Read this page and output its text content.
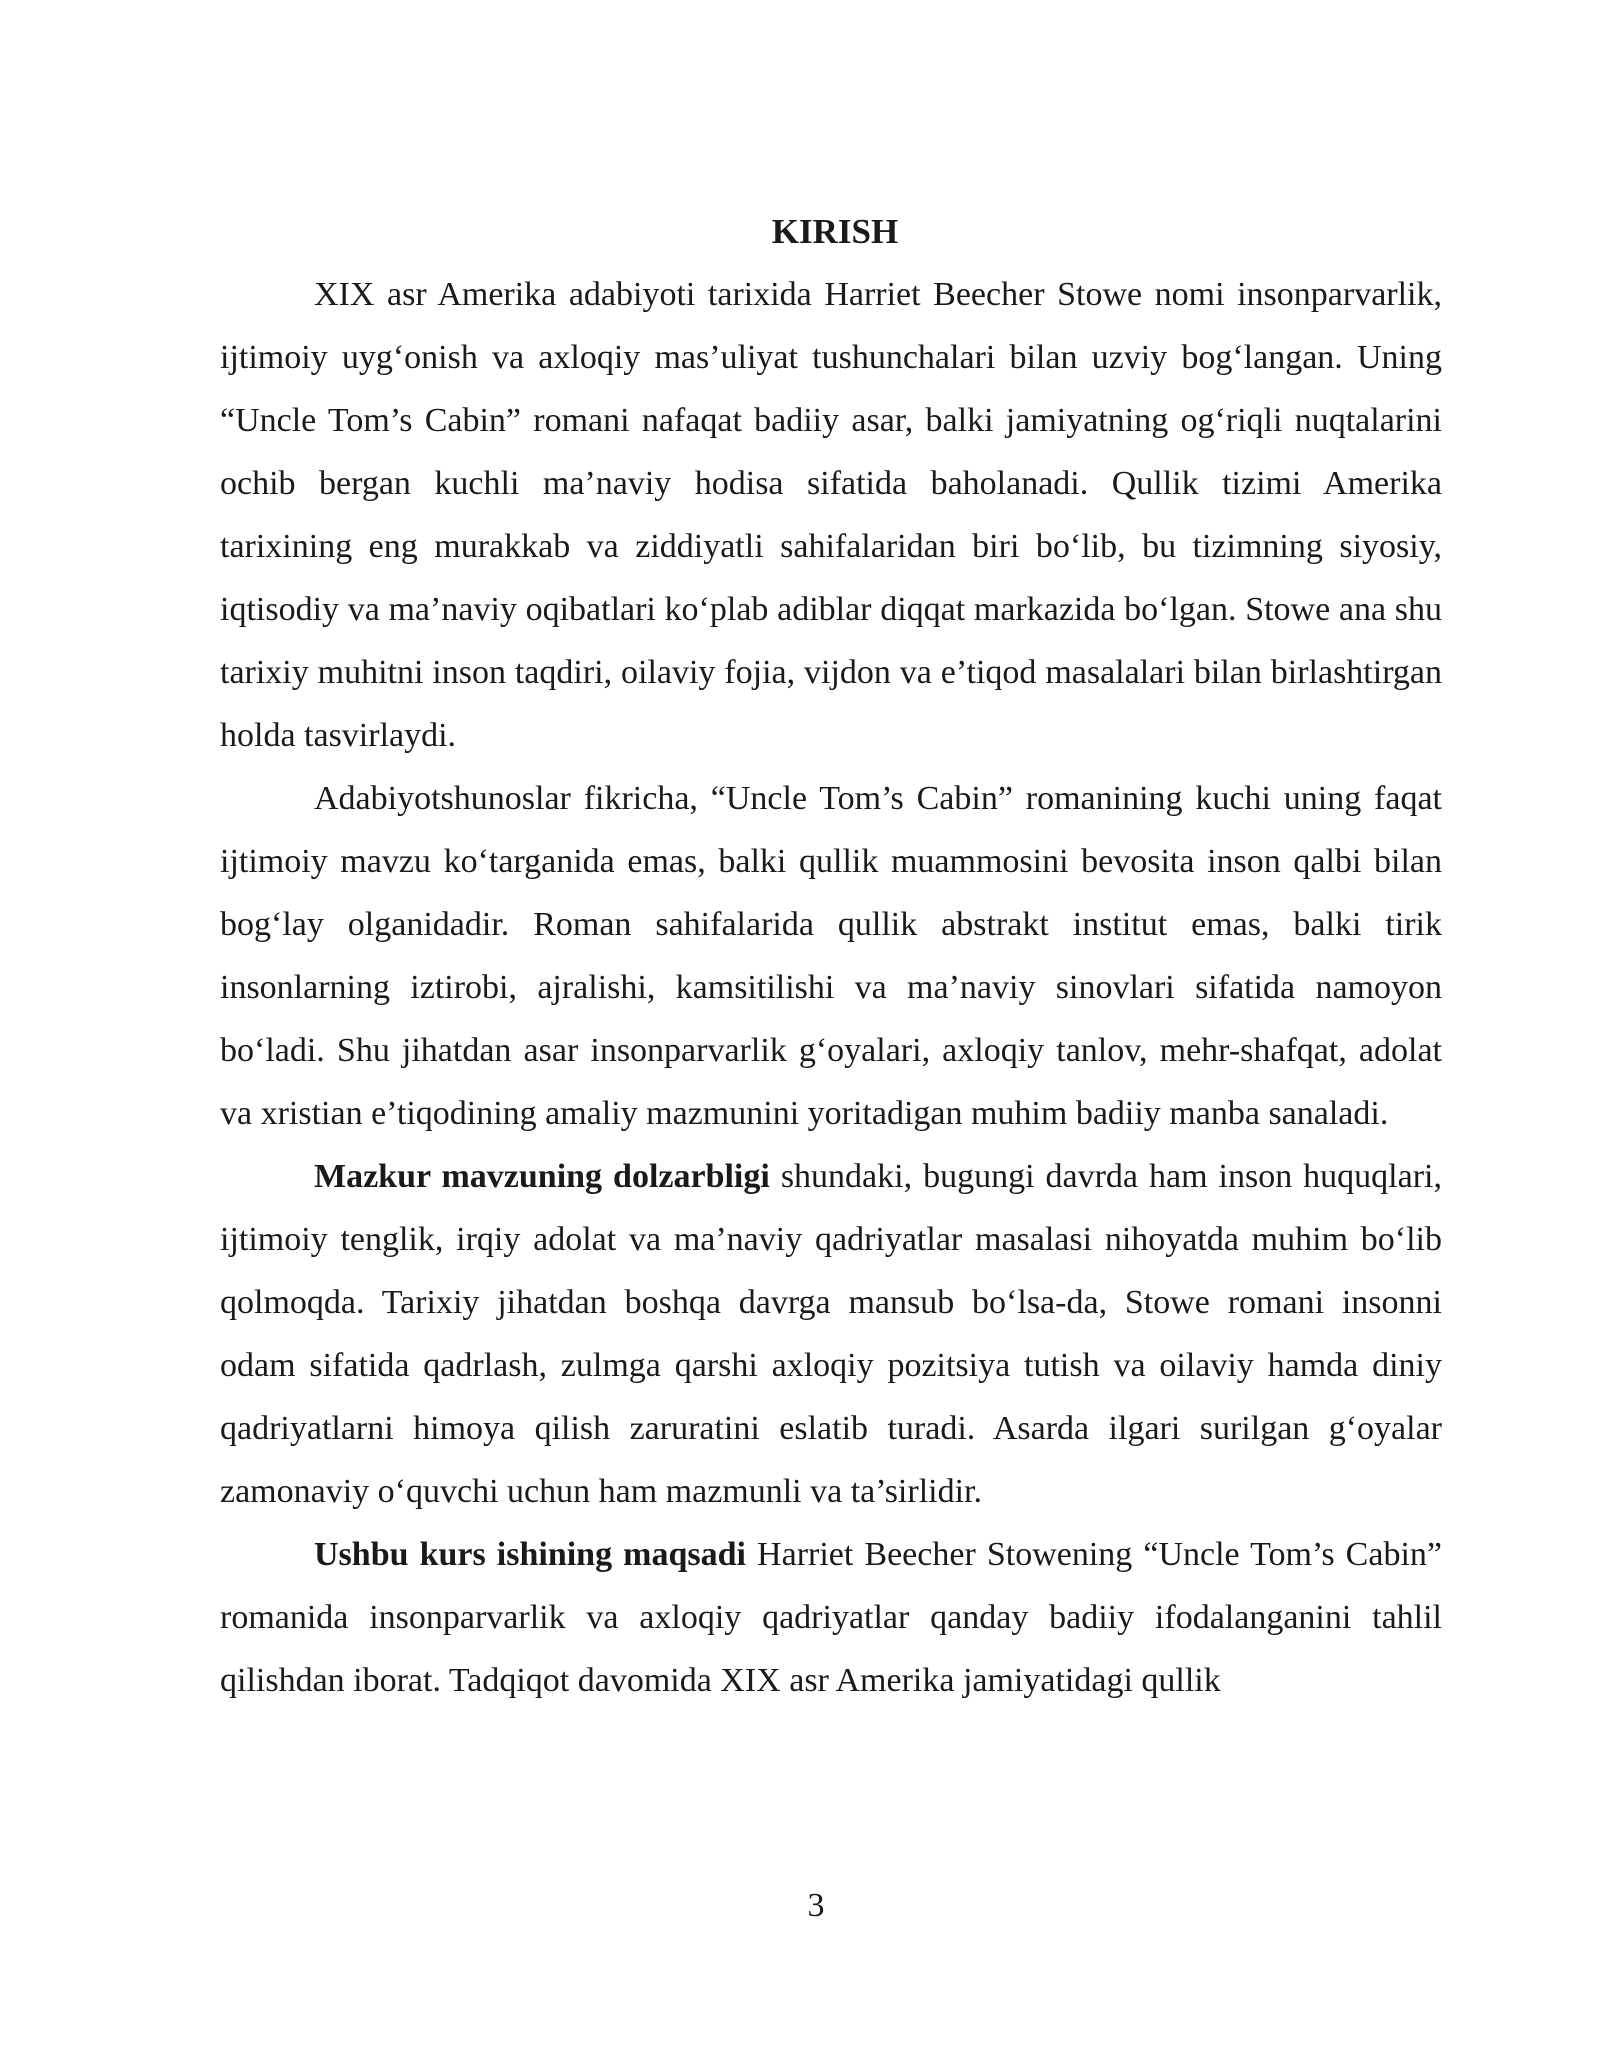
KIRISH

XIX asr Amerika adabiyoti tarixida Harriet Beecher Stowe nomi insonparvarlik, ijtimoiy uyg‘onish va axloqiy mas’uliyat tushunchalari bilan uzviy bog‘langan. Uning “Uncle Tom’s Cabin” romani nafaqat badiiy asar, balki jamiyatning og‘riqli nuqtalarini ochib bergan kuchli ma’naviy hodisa sifatida baholanadi. Qullik tizimi Amerika tarixining eng murakkab va ziddiyatli sahifalaridan biri bo‘lib, bu tizimning siyosiy, iqtisodiy va ma’naviy oqibatlari ko‘plab adiblar diqqat markazida bo‘lgan. Stowe ana shu tarixiy muhitni inson taqdiri, oilaviy fojia, vijdon va e’tiqod masalalari bilan birlashtirgan holda tasvirlaydi.

Adabiyotshunoslar fikricha, “Uncle Tom’s Cabin” romanining kuchi uning faqat ijtimoiy mavzu ko‘targanida emas, balki qullik muammosini bevosita inson qalbi bilan bog‘lay olganidadir. Roman sahifalarida qullik abstrakt institut emas, balki tirik insonlarning iztirobi, ajralishi, kamsitilishi va ma’naviy sinovlari sifatida namoyon bo‘ladi. Shu jihatdan asar insonparvarlik g‘oyalari, axloqiy tanlov, mehr-shafqat, adolat va xristian e’tiqodining amaliy mazmunini yoritadigan muhim badiiy manba sanaladi.

Mazkur mavzuning dolzarbligi shundaki, bugungi davrda ham inson huquqlari, ijtimoiy tenglik, irqiy adolat va ma’naviy qadriyatlar masalasi nihoyatda muhim bo‘lib qolmoqda. Tarixiy jihatdan boshqa davrga mansub bo‘lsa-da, Stowe romani insonni odam sifatida qadrlash, zulmga qarshi axloqiy pozitsiya tutish va oilaviy hamda diniy qadriyatlarni himoya qilish zaruratini eslatib turadi. Asarda ilgari surilgan g‘oyalar zamonaviy o‘quvchi uchun ham mazmunli va ta’sirlidir.

Ushbu kurs ishining maqsadi Harriet Beecher Stowening “Uncle Tom’s Cabin” romanida insonparvarlik va axloqiy qadriyatlar qanday badiiy ifodalanganini tahlil qilishdan iborat. Tadqiqot davomida XIX asr Amerika jamiyatidagi qullik

3
